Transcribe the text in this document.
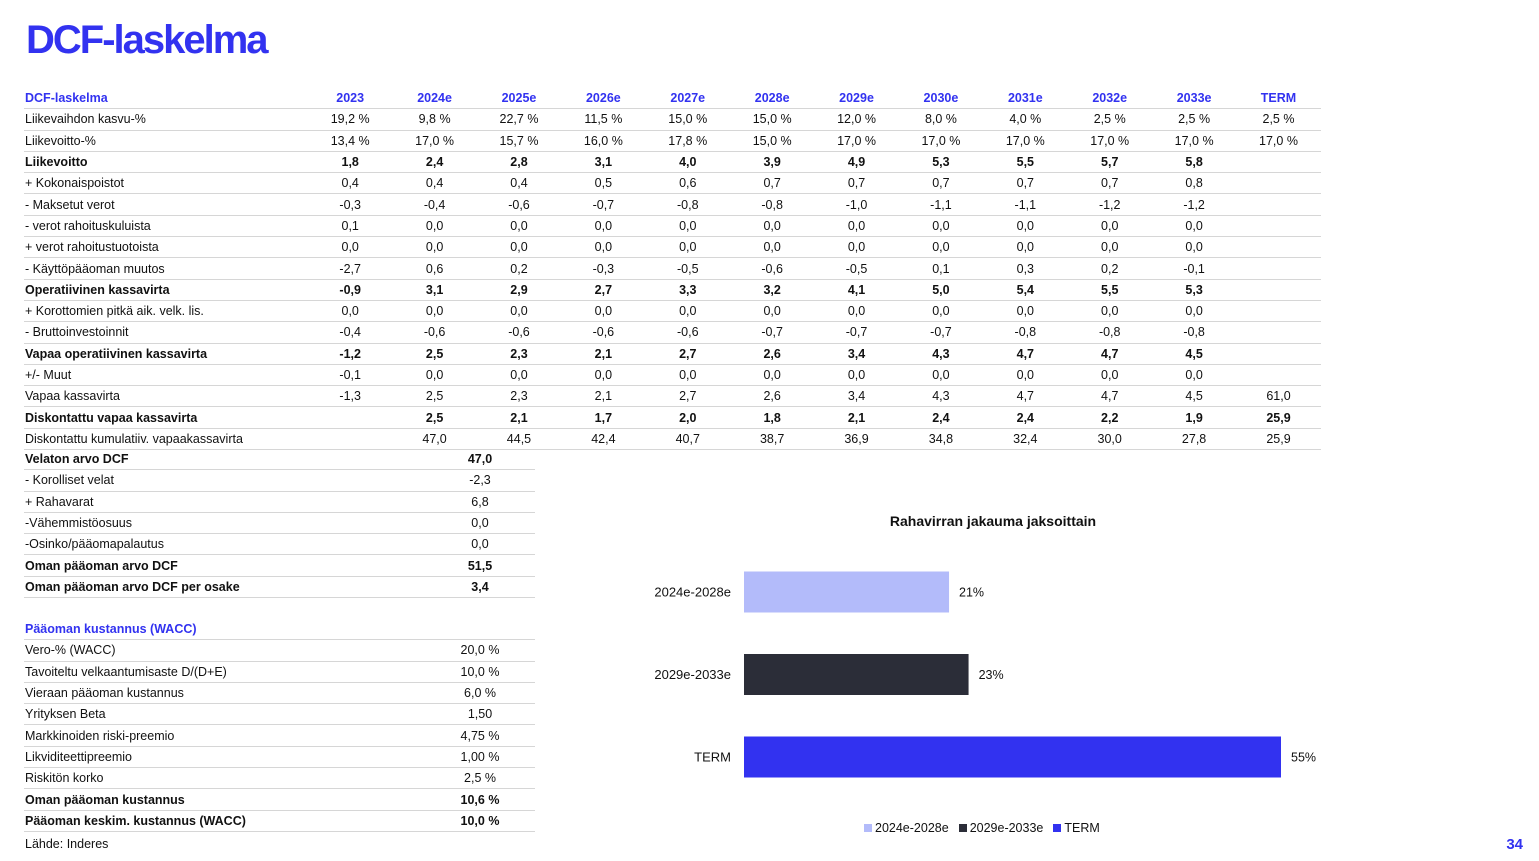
DCF-laskelma
DCF-laskelma	2023	2024e	2025e	2026e	2027e	2028e	2029e	2030e	2031e	2032e	2033e	TERM
Liikevaihdon kasvu-%	19,2 %	9,8 %	22,7 %	11,5 %	15,0 %	15,0 %	12,0 %	8,0 %	4,0 %	2,5 %	2,5 %	2,5 %
Liikevoitto-%	13,4 %	17,0 %	15,7 %	16,0 %	17,8 %	15,0 %	17,0 %	17,0 %	17,0 %	17,0 %	17,0 %	17,0 %
Liikevoitto	1,8	2,4	2,8	3,1	4,0	3,9	4,9	5,3	5,5	5,7	5,8	
+ Kokonaispoistot	0,4	0,4	0,4	0,5	0,6	0,7	0,7	0,7	0,7	0,7	0,8	
- Maksetut verot	-0,3	-0,4	-0,6	-0,7	-0,8	-0,8	-1,0	-1,1	-1,1	-1,2	-1,2	
- verot rahoituskuluista	0,1	0,0	0,0	0,0	0,0	0,0	0,0	0,0	0,0	0,0	0,0	
+ verot rahoitustuotoista	0,0	0,0	0,0	0,0	0,0	0,0	0,0	0,0	0,0	0,0	0,0	
- Käyttöpääoman muutos	-2,7	0,6	0,2	-0,3	-0,5	-0,6	-0,5	0,1	0,3	0,2	-0,1	
Operatiivinen kassavirta	-0,9	3,1	2,9	2,7	3,3	3,2	4,1	5,0	5,4	5,5	5,3	
+ Korottomien pitkä aik. velk. lis.	0,0	0,0	0,0	0,0	0,0	0,0	0,0	0,0	0,0	0,0	0,0	
- Bruttoinvestoinnit	-0,4	-0,6	-0,6	-0,6	-0,6	-0,7	-0,7	-0,7	-0,8	-0,8	-0,8	
Vapaa operatiivinen kassavirta	-1,2	2,5	2,3	2,1	2,7	2,6	3,4	4,3	4,7	4,7	4,5	
+/- Muut	-0,1	0,0	0,0	0,0	0,0	0,0	0,0	0,0	0,0	0,0	0,0	
Vapaa kassavirta	-1,3	2,5	2,3	2,1	2,7	2,6	3,4	4,3	4,7	4,7	4,5	61,0
Diskontattu vapaa kassavirta		2,5	2,1	1,7	2,0	1,8	2,1	2,4	2,4	2,2	1,9	25,9
Diskontattu kumulatiiv. vapaakassavirta		47,0	44,5	42,4	40,7	38,7	36,9	34,8	32,4	30,0	27,8	25,9
Velaton arvo DCF	47,0
- Korolliset velat	-2,3
+ Rahavarat	6,8
-Vähemmistöosuus	0,0
-Osinko/pääomapalautus	0,0
Oman pääoman arvo DCF	51,5
Oman pääoman arvo DCF per osake	3,4
Pääoman kustannus (WACC)	
Vero-% (WACC)	20,0 %
Tavoiteltu velkaantumisaste D/(D+E)	10,0 %
Vieraan pääoman kustannus	6,0 %
Yrityksen Beta	1,50
Markkinoiden riski-preemio	4,75 %
Likviditeettipreemio	1,00 %
Riskitön korko	2,5 %
Oman pääoman kustannus	10,6 %
Pääoman keskim. kustannus (WACC)	10,0 %
Rahavirran jakauma jaksoittain
2024e-2028e	21%
2029e-2033e	23%
TERM	55%
2024e-2028e 2029e-2033e TERM
Lähde: Inderes	34
